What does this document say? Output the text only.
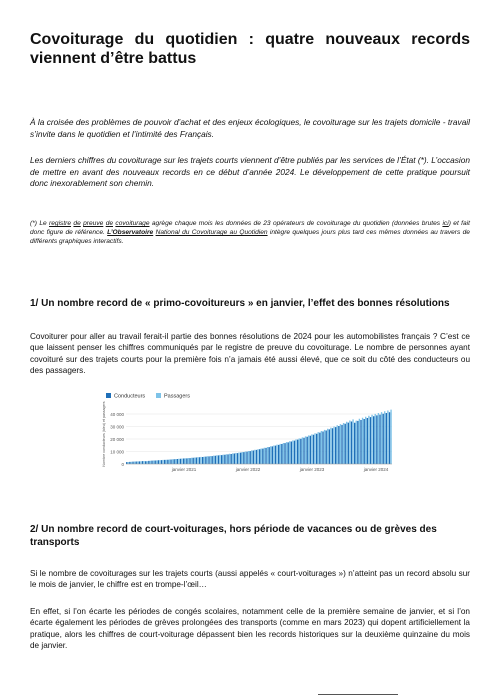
Covoiturage du quotidien : quatre nouveaux records viennent d’être battus
À la croisée des problèmes de pouvoir d’achat et des enjeux écologiques, le covoiturage sur les trajets domicile - travail s’invite dans le quotidien et l’intimité des Français.
Les derniers chiffres du covoiturage sur les trajets courts viennent d’être publiés par les services de l’État (*). L’occasion de mettre en avant des nouveaux records en ce début d’année 2024. Le développement de cette pratique poursuit donc inexorablement son chemin.
(*) Le registre de preuve de covoiturage agrège chaque mois les données de 23 opérateurs de covoiturage du quotidien (données brutes ici) et fait donc figure de référence. L’Observatoire National du Covoiturage au Quotidien intègre quelques jours plus tard ces mêmes données au travers de différents graphiques interactifs.
1/ Un nombre record de « primo-covoitureurs » en janvier, l’effet des bonnes résolutions
Covoiturer pour aller au travail ferait-il partie des bonnes résolutions de 2024 pour les automobilistes français ? C’est ce que laissent penser les chiffres communiqués par le registre de preuve du covoiturage. Le nombre de personnes ayant covoituré sur des trajets courts pour la première fois n’a jamais été aussi élevé, que ce soit du côté des conducteurs ou des passagers.
Conducteurs	Passagers
0
10 000
20 000
30 000
40 000
Nombre conducteurs (bleu) et passagers
janvier 2021	janvier 2022	janvier 2023	janvier 2024
2/ Un nombre record de court-voiturages, hors période de vacances ou de grèves des transports
Si le nombre de covoiturages sur les trajets courts (aussi appelés « court-voiturages ») n’atteint pas un record absolu sur le mois de janvier, le chiffre est en trompe-l’œil…
En effet, si l’on écarte les périodes de congés scolaires, notamment celle de la première semaine de janvier, et si l’on écarte également les périodes de grèves prolongées des transports (comme en mars 2023) qui dopent artificiellement la pratique, alors les chiffres de court-voiturage dépassent bien les records historiques sur la deuxième quinzaine du mois de janvier.
